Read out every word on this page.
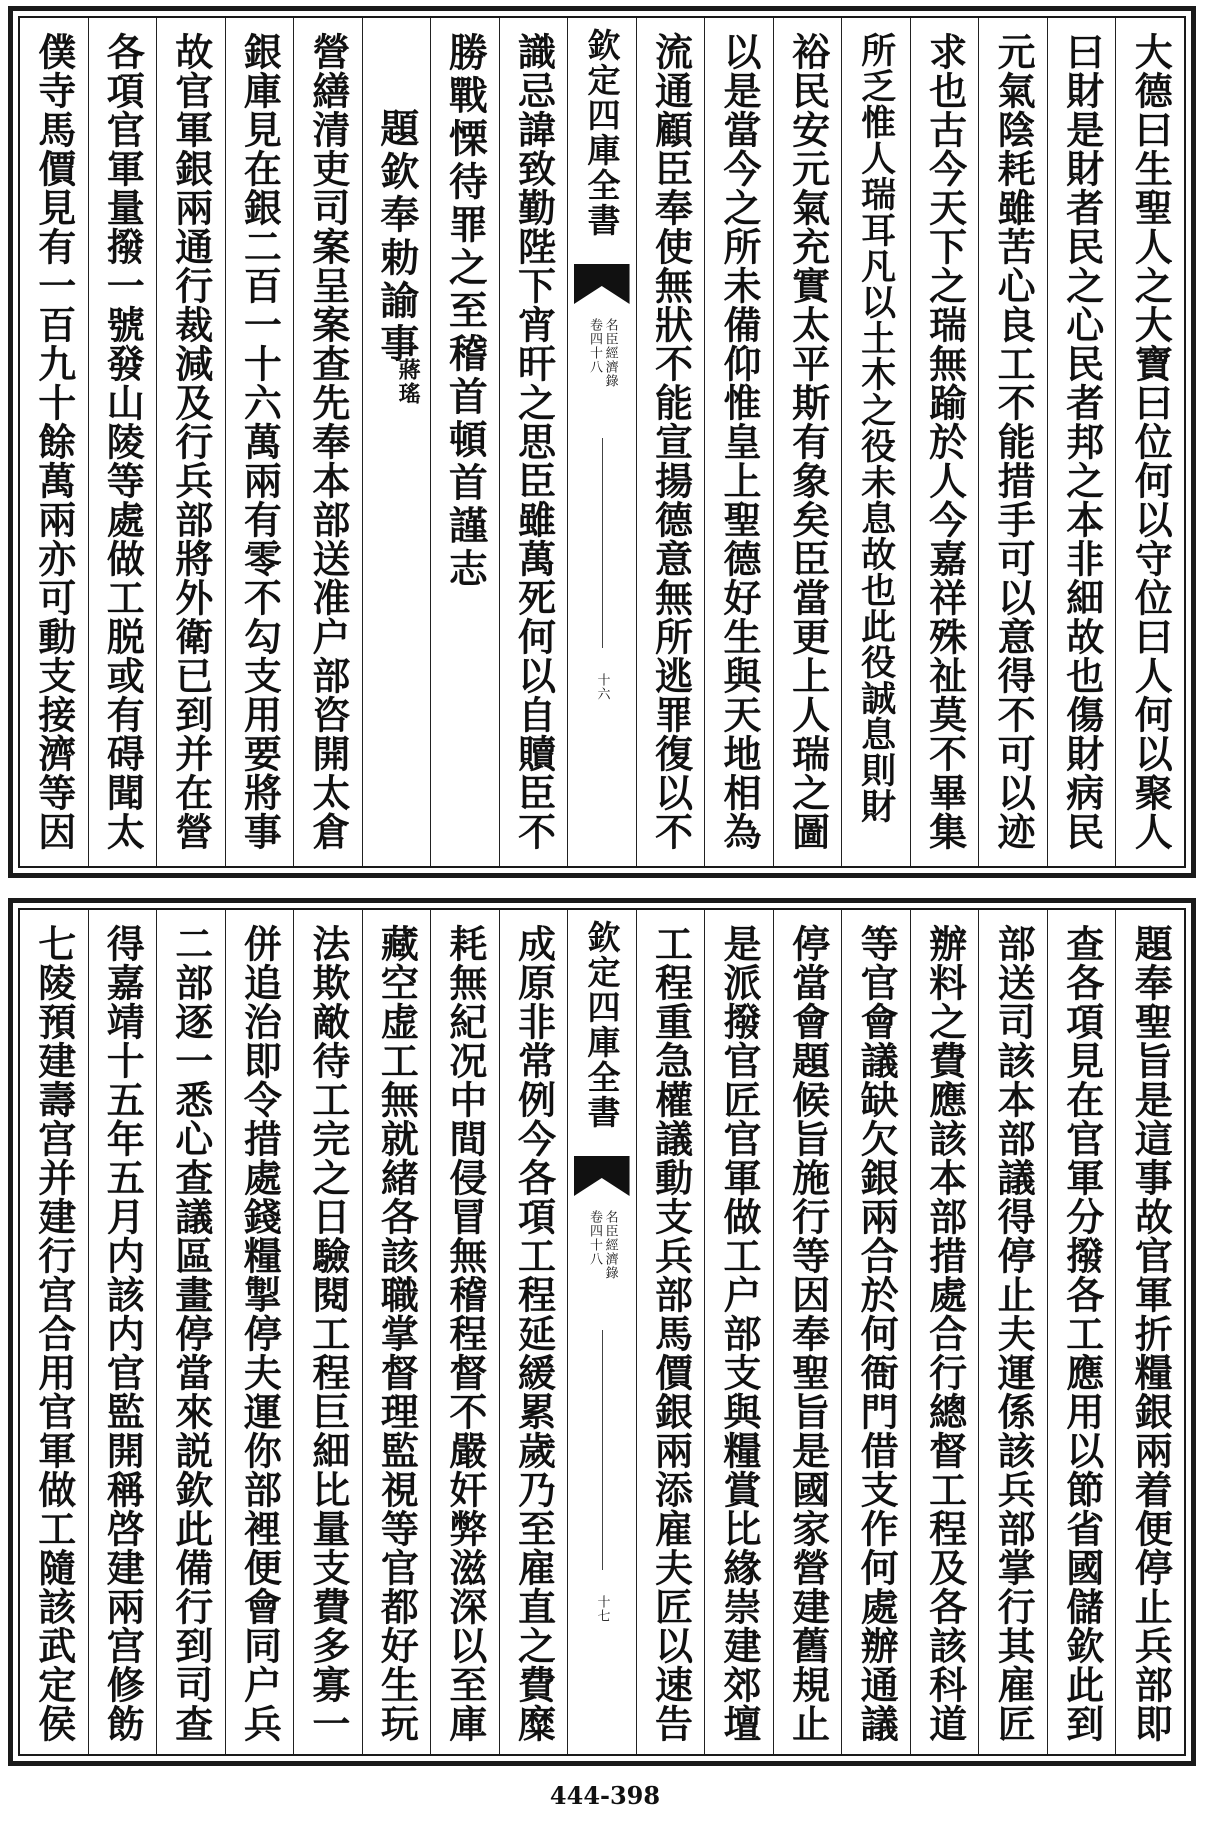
大德曰生聖人之大寶曰位何以守位曰人何以聚人
曰財是財者民之心民者邦之本非細故也傷財病民
元氣陰耗雖苦心良工不能措手可以意得不可以迹
求也古今天下之瑞無踰於人今嘉祥殊祉莫不畢集
所乏惟人瑞耳凡以土木之役未息故也此役誠息則財
裕民安元氣充實太平斯有象矣臣當更上人瑞之圖
以是當今之所未備仰惟皇上聖德好生與天地相為
流通顧臣奉使無狀不能宣揚德意無所逃罪復以不
欽定四庫全書
名臣經濟錄
卷四十八
十六
識忌諱致勤陛下宵旰之思臣雖萬死何以自贖臣不
勝戰慄待罪之至稽首頓首謹志
題欽奉勅諭事
蔣瑤
營繕清吏司案呈案查先奉本部送准户部咨開太倉
銀庫見在銀二百一十六萬兩有零不勾支用要將事
故官軍銀兩通行裁減及行兵部將外衛已到并在營
各項官軍量撥一號發山陵等處做工脱或有碍聞太
僕寺馬價見有一百九十餘萬兩亦可動支接濟等因
題奉聖旨是這事故官軍折糧銀兩着便停止兵部即
查各項見在官軍分撥各工應用以節省國儲欽此到
部送司該本部議得停止夫運係該兵部掌行其雇匠
辦料之費應該本部措處合行總督工程及各該科道
等官會議缺欠銀兩合於何衙門借支作何處辦通議
停當會題候旨施行等因奉聖旨是國家營建舊規止
是派撥官匠官軍做工户部支與糧賞比緣崇建郊壇
工程重急權議動支兵部馬價銀兩添雇夫匠以速告
欽定四庫全書
名臣經濟錄
卷四十八
十七
成原非常例今各項工程延緩累歲乃至雇直之費糜
耗無紀况中間侵冒無稽程督不嚴奸弊滋深以至庫
藏空虚工無就緒各該職掌督理監視等官都好生玩
法欺敵待工完之日驗閱工程巨細比量支費多寡一
併追治即令措處錢糧掣停夫運你部裡便會同户兵
二部逐一悉心查議區畫停當來説欽此備行到司查
得嘉靖十五年五月内該内官監開稱啓建兩宫修飭
七陵預建壽宫并建行宫合用官軍做工隨該武定侯
444-398
